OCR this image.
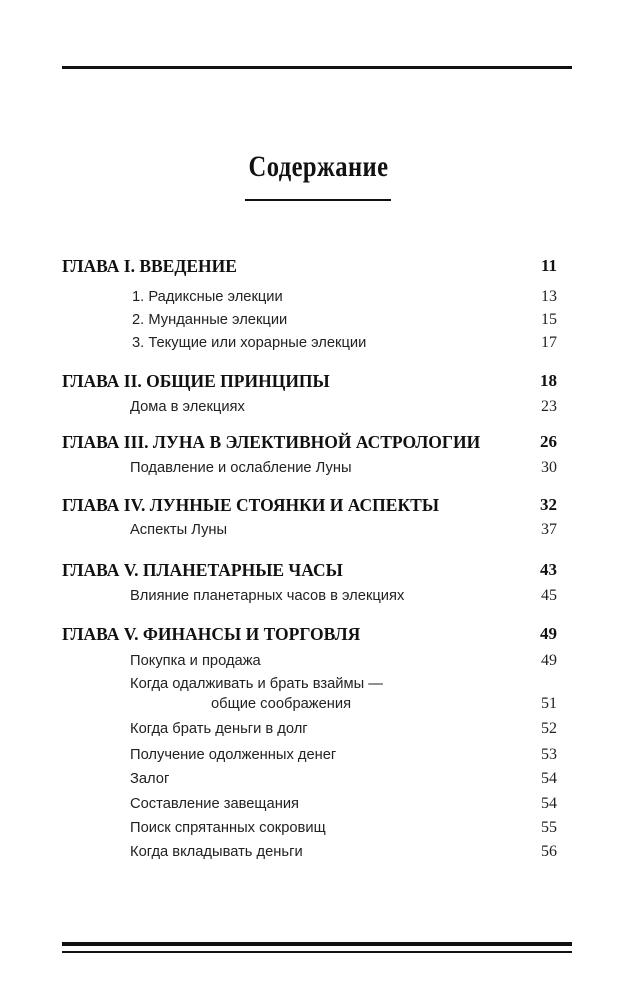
Содержание
ГЛАВА I. ВВЕДЕНИЕ	11
1. Радиксные элекции	13
2. Мунданные элекции	15
3. Текущие или хорарные элекции	17
ГЛАВА II. ОБЩИЕ ПРИНЦИПЫ	18
Дома в элекциях	23
ГЛАВА III. ЛУНА В ЭЛЕКТИВНОЙ АСТРОЛОГИИ	26
Подавление и ослабление Луны	30
ГЛАВА IV. ЛУННЫЕ СТОЯНКИ И АСПЕКТЫ	32
Аспекты Луны	37
ГЛАВА V. ПЛАНЕТАРНЫЕ ЧАСЫ	43
Влияние планетарных часов в элекциях	45
ГЛАВА V. ФИНАНСЫ И ТОРГОВЛЯ	49
Покупка и продажа	49
Когда одалживать и брать взаймы —
общие соображения	51
Когда брать деньги в долг	52
Получение одолженных денег	53
Залог	54
Составление завещания	54
Поиск спрятанных сокровищ	55
Когда вкладывать деньги	56
